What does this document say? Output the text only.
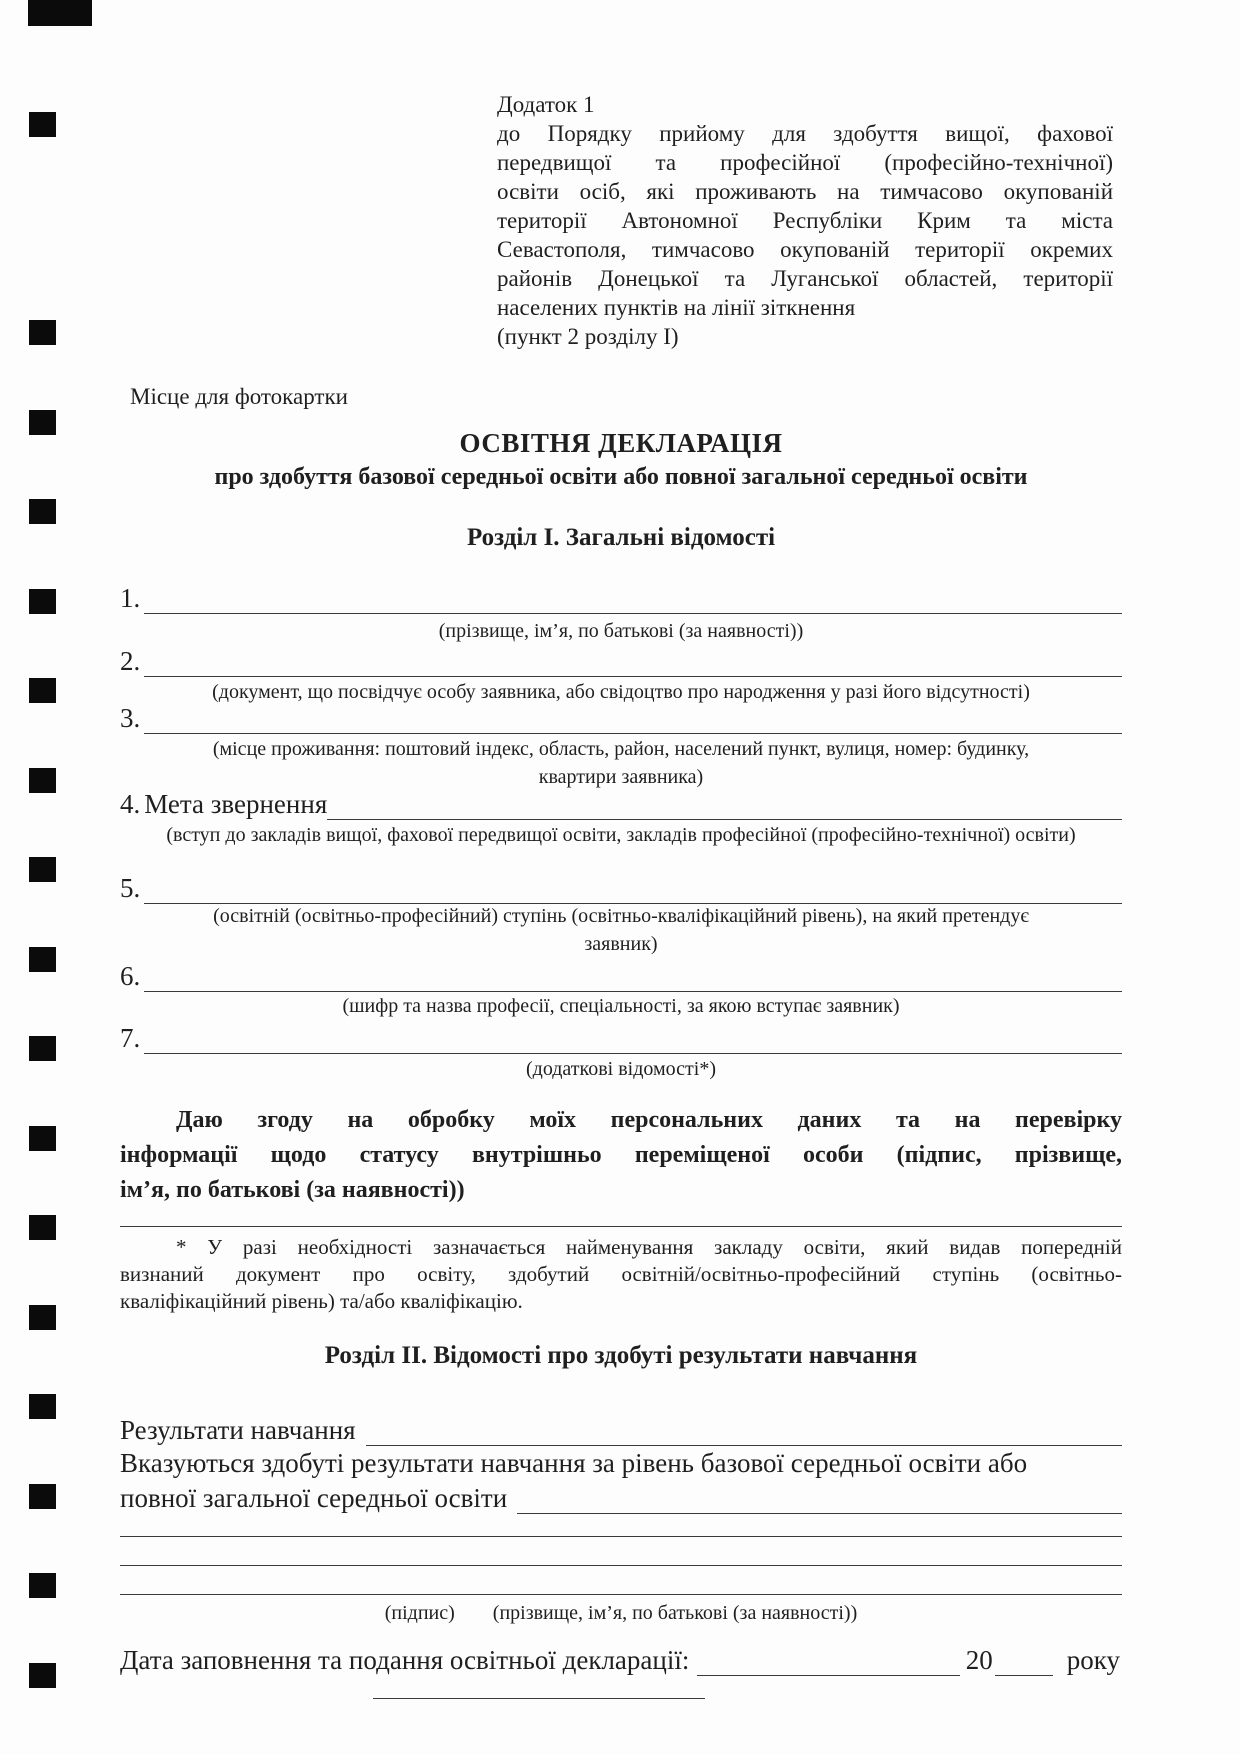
Додаток 1
до Порядку прийому для здобуття вищої, фахової
передвищої та професійної (професійно-технічної)
освіти осіб, які проживають на тимчасово окупованій
території Автономної Республіки Крим та міста
Севастополя, тимчасово окупованій території окремих
районів Донецької та Луганської областей, території
населених пунктів на лінії зіткнення
(пункт 2 розділу I)
Місце для фотокартки
ОСВІТНЯ ДЕКЛАРАЦІЯ
про здобуття базової середньої освіти або повної загальної середньої освіти
Розділ I. Загальні відомості
1.
(прізвище, ім’я, по батькові (за наявності))
2.
(документ, що посвідчує особу заявника, або свідоцтво про народження у разі його відсутності)
3.
(місце проживання: поштовий індекс, область, район, населений пункт, вулиця, номер: будинку,
квартири заявника)
4. Мета звернення
(вступ до закладів вищої, фахової передвищої освіти, закладів професійної (професійно-технічної) освіти)
5.
(освітній (освітньо-професійний) ступінь (освітньо-кваліфікаційний рівень), на який претендує
заявник)
6.
(шифр та назва професії, спеціальності, за якою вступає заявник)
7.
(додаткові відомості*)
Даю згоду на обробку моїх персональних даних та на перевірку
інформації щодо статусу внутрішньо переміщеної особи (підпис, прізвище,
ім’я, по батькові (за наявності))
* У разі необхідності зазначається найменування закладу освіти, який видав попередній
визнаний документ про освіту, здобутий освітній/освітньо-професійний ступінь (освітньо-
кваліфікаційний рівень) та/або кваліфікацію.
Розділ II. Відомості про здобуті результати навчання
Результати навчання
Вказуються здобуті результати навчання за рівень базової середньої освіти або
повної загальної середньої освіти
(підпис) (прізвище, ім’я, по батькові (за наявності))
Дата заповнення та подання освітньої декларації:	20	року
